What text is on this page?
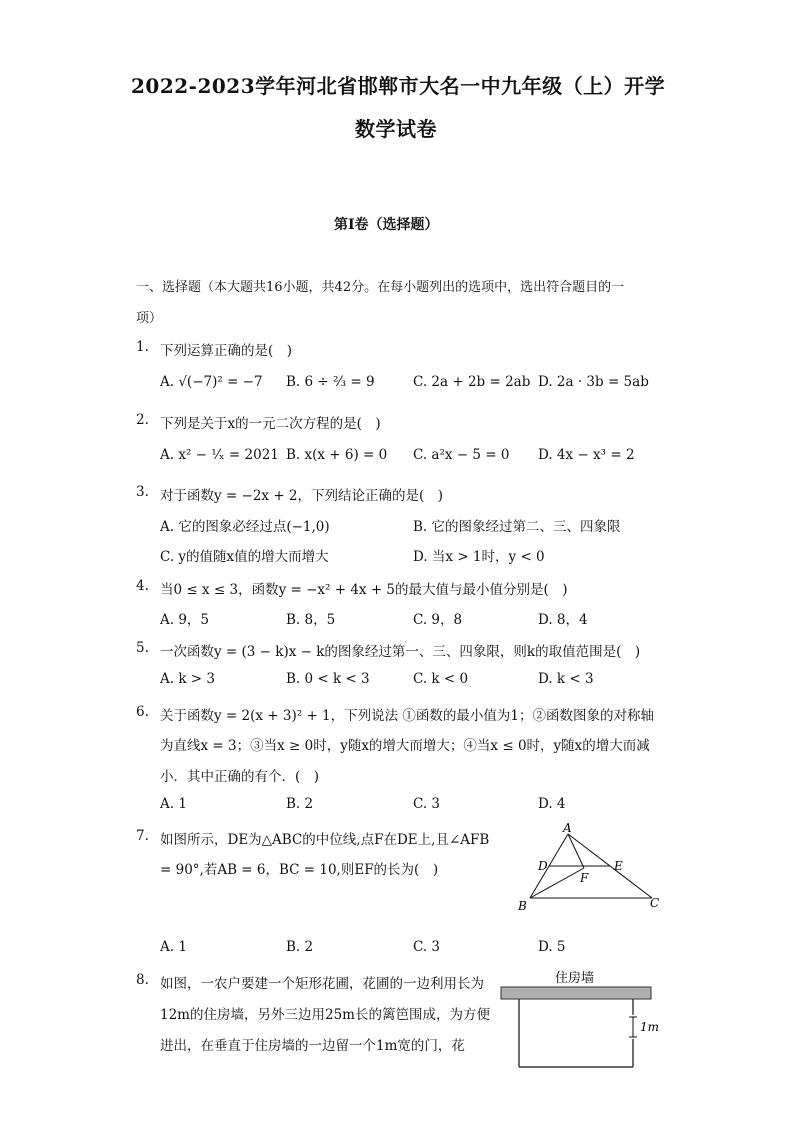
2022-2023学年河北省邯郸市大名一中九年级（上）开学
数学试卷
第Ⅰ卷（选择题）
一、选择题（本大题共16小题，共42分。在每小题列出的选项中，选出符合题目的一
项）
1. 下列运算正确的是(　)
A. √(−7)² = −7 B. 6 ÷ ²⁄₃ = 9	C. 2a + 2b = 2ab D. 2a · 3b = 5ab
2. 下列是关于x的一元二次方程的是(　)
A. x² − ¹⁄ₓ = 2021 B. x(x + 6) = 0 C. a²x − 5 = 0 D. 4x − x³ = 2
3. 对于函数y = −2x + 2，下列结论正确的是(　)
A. 它的图象必经过点(−1,0)	B. 它的图象经过第二、三、四象限
C. y的值随x值的增大而增大	D. 当x > 1时，y < 0
4. 当0 ≤ x ≤ 3，函数y = −x² + 4x + 5的最大值与最小值分别是(　)
A. 9，5	B. 8，5	C. 9，8	D. 8，4
5. 一次函数y = (3 − k)x − k的图象经过第一、三、四象限，则k的取值范围是(　)
A. k > 3	B. 0 < k < 3	C. k < 0	D. k < 3
6. 关于函数y = 2(x + 3)² + 1，下列说法 ①函数的最小值为1；②函数图象的对称轴
为直线x = 3；③当x ≥ 0时，y随x的增大而增大；④当x ≤ 0时，y随x的增大而减
小．其中正确的有个．(　)
A. 1	B. 2	C. 3	D. 4
7. 如图所示，DE为△ABC的中位线,点F在DE上,且∠AFB
= 90°,若AB = 6，BC = 10,则EF的长为(　)
A
D	E
F
B	C
A. 1	B. 2	C. 3	D. 5
8. 如图，一农户要建一个矩形花圃，花圃的一边利用长为
12m的住房墙，另外三边用25m长的篱笆围成，为方便
进出，在垂直于住房墙的一边留一个1m宽的门，花
住房墙
1m
